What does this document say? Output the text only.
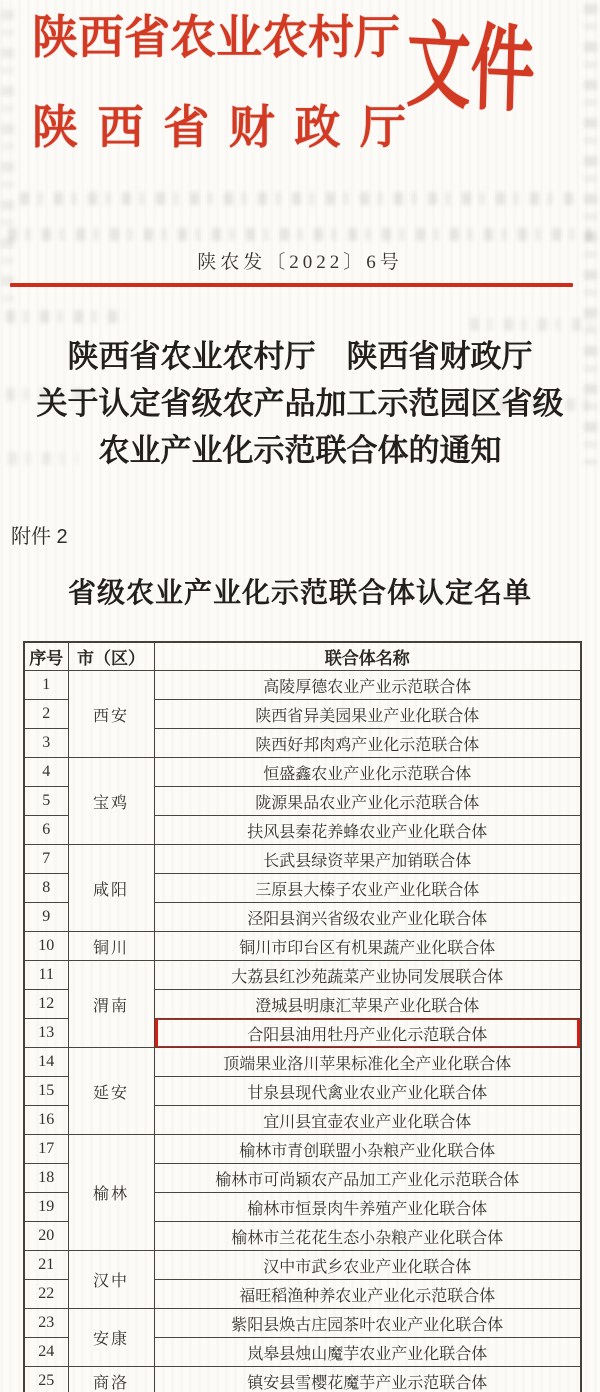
陕西省农业农村厅
陕西省财政厅
文件
陕农发〔2022〕6号
陕西省农业农村厅　陕西省财政厅
关于认定省级农产品加工示范园区省级
农业产业化示范联合体的通知
附件 2
省级农业产业化示范联合体认定名单
序号	市（区）	联合体名称
1	西安	高陵厚德农业产业示范联合体
2		陕西省异美园果业产业化联合体
3		陕西好邦肉鸡产业化示范联合体
4	宝鸡	恒盛鑫农业产业化示范联合体
5		陇源果品农业产业化示范联合体
6		扶风县秦花养蜂农业产业化联合体
7	咸阳	长武县绿资苹果产加销联合体
8		三原县大榛子农业产业化联合体
9		泾阳县润兴省级农业产业化联合体
10	铜川	铜川市印台区有机果蔬产业化联合体
11	渭南	大荔县红沙苑蔬菜产业协同发展联合体
12		澄城县明康汇苹果产业化联合体
13		合阳县油用牡丹产业化示范联合体

14	延安	顶端果业洛川苹果标准化全产业化联合体
15		甘泉县现代禽业农业产业化联合体
16		宜川县宜壶农业产业化联合体
17	榆林	榆林市青创联盟小杂粮产业化联合体
18		榆林市可尚颖农产品加工产业化示范联合体
19		榆林市恒景肉牛养殖产业化联合体
20		榆林市兰花花生态小杂粮产业化联合体
21	汉中	汉中市武乡农业产业化联合体
22		福旺稻渔种养农业产业化示范联合体
23	安康	紫阳县焕古庄园茶叶农业产业化联合体
24		岚皋县烛山魔芋农业产业化联合体
25	商洛	镇安县雪樱花魔芋产业示范联合体
